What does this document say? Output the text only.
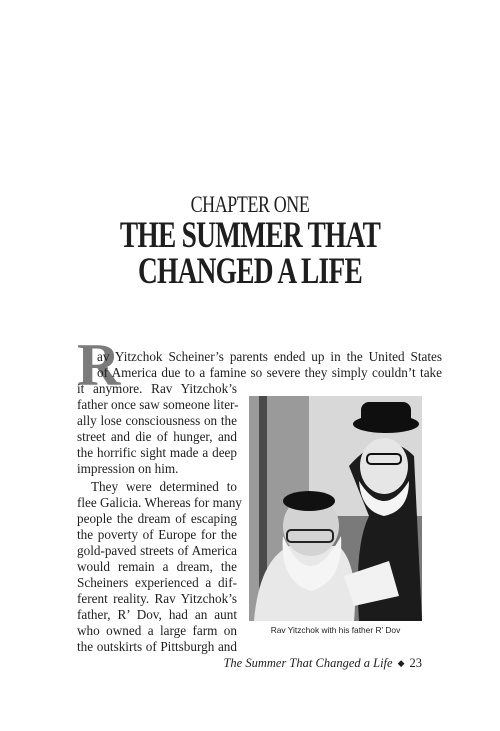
CHAPTER ONE
THE SUMMER THAT
CHANGED A LIFE
R
av Yitzchok Scheiner’s parents ended up in the United States
of America due to a famine so severe they simply couldn’t take
it anymore. Rav Yitzchok’s
father once saw someone liter-
ally lose consciousness on the
street and die of hunger, and
the horrific sight made a deep
impression on him.
They were determined to
flee Galicia. Whereas for many
people the dream of escaping
the poverty of Europe for the
gold-paved streets of America
would remain a dream, the
Scheiners experienced a dif-
ferent reality. Rav Yitzchok’s
father, R’ Dov, had an aunt
who owned a large farm on
the outskirts of Pittsburgh and
Rav Yitzchok with his father R’ Dov
The Summer That Changed a Life ◆ 23
